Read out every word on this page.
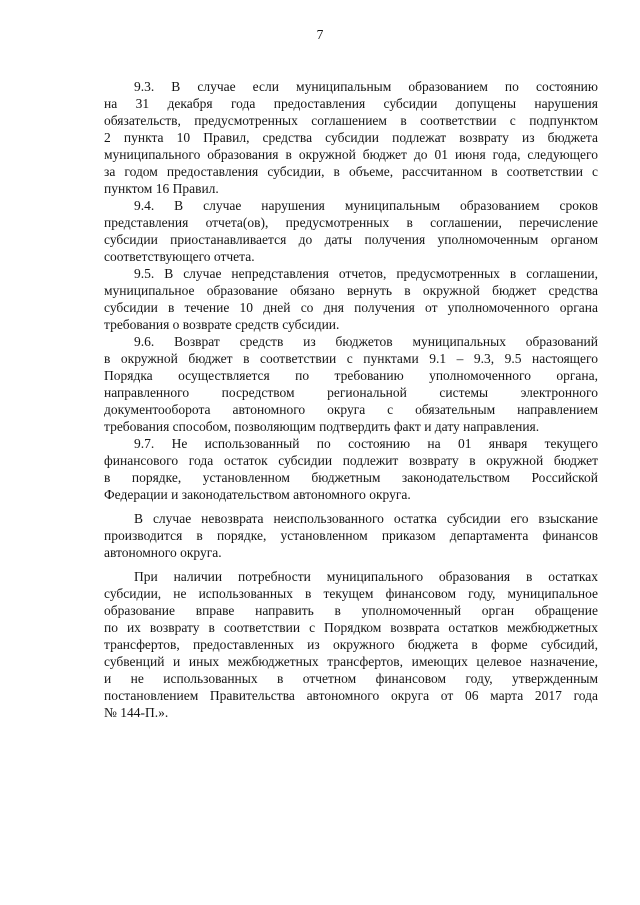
7
9.3. В случае если муниципальным образованием по состоянию
на 31 декабря года предоставления субсидии допущены нарушения
обязательств, предусмотренных соглашением в соответствии с подпунктом
2 пункта 10 Правил, средства субсидии подлежат возврату из бюджета
муниципального образования в окружной бюджет до 01 июня года, следующего
за годом предоставления субсидии, в объеме, рассчитанном в соответствии с
пунктом 16 Правил.
9.4. В случае нарушения муниципальным образованием сроков
представления отчета(ов), предусмотренных в соглашении, перечисление
субсидии приостанавливается до даты получения уполномоченным органом
соответствующего отчета.
9.5. В случае непредставления отчетов, предусмотренных в соглашении,
муниципальное образование обязано вернуть в окружной бюджет средства
субсидии в течение 10 дней со дня получения от уполномоченного органа
требования о возврате средств субсидии.
9.6. Возврат средств из бюджетов муниципальных образований
в окружной бюджет в соответствии с пунктами 9.1 – 9.3, 9.5 настоящего
Порядка осуществляется по требованию уполномоченного органа,
направленного посредством региональной системы электронного
документооборота автономного округа с обязательным направлением
требования способом, позволяющим подтвердить факт и дату направления.
9.7. Не использованный по состоянию на 01 января текущего
финансового года остаток субсидии подлежит возврату в окружной бюджет
в порядке, установленном бюджетным законодательством Российской
Федерации и законодательством автономного округа.
В случае невозврата неиспользованного остатка субсидии его взыскание
производится в порядке, установленном приказом департамента финансов
автономного округа.
При наличии потребности муниципального образования в остатках
субсидии, не использованных в текущем финансовом году, муниципальное
образование вправе направить в уполномоченный орган обращение
по их возврату в соответствии с Порядком возврата остатков межбюджетных
трансфертов, предоставленных из окружного бюджета в форме субсидий,
субвенций и иных межбюджетных трансфертов, имеющих целевое назначение,
и не использованных в отчетном финансовом году, утвержденным
постановлением Правительства автономного округа от 06 марта 2017 года
№ 144-П.».
